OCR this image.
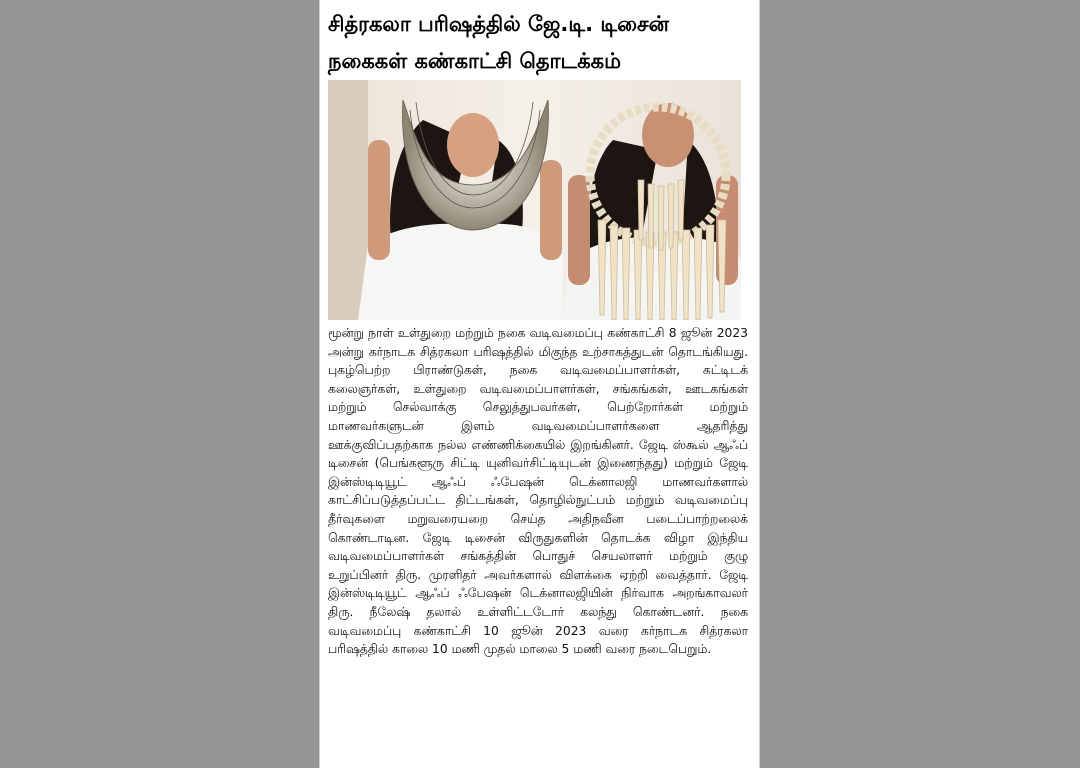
சித்ரகலா பரிஷத்தில் ஜே.டி. டிசைன்
நகைகள் கண்காட்சி தொடக்கம்

மூன்று நாள் உள்துறை மற்றும் நகை வடிவமைப்பு கண்காட்சி 8 ஜூன் 2023 அன்று கர்நாடக சித்ரகலா பரிஷத்தில் மிகுந்த உற்சாகத்துடன் தொடங்கியது. புகழ்பெற்ற பிராண்டுகள், நகை வடிவமைப்பாளர்கள், கட்டிடக் கலைஞர்கள், உள்துறை வடிவமைப்பாளர்கள், சங்கங்கள், ஊடகங்கள் மற்றும் செல்வாக்கு செலுத்துபவர்கள், பெற்றோர்கள் மற்றும் மாணவர்களுடன் இளம் வடிவமைப்பாளர்களை ஆதரித்து ஊக்குவிப்பதற்காக நல்ல எண்ணிக்கையில் இறங்கினர். ஜேடி ஸ்கூல் ஆஃப் டிசைன் (பெங்களூரு சிட்டி யுனிவர்சிட்டியுடன் இணைந்தது) மற்றும் ஜேடி இன்ஸ்டிடியூட் ஆஃப் ஃபேஷன் டெக்னாலஜி மாணவர்களால் காட்சிப்படுத்தப்பட்ட திட்டங்கள், தொழில்நுட்பம் மற்றும் வடிவமைப்பு தீர்வுகளை மறுவரையறை செய்த அதிநவீன படைப்பாற்றலைக் கொண்டாடின. ஜேடி டிசைன் விருதுகளின் தொடக்க விழா இந்திய வடிவமைப்பாளர்கள் சங்கத்தின் பொதுச் செயலாளர் மற்றும் குழு உறுப்பினர் திரு. முரளிதர் அவர்களால் விளக்கை ஏற்றி வைத்தார். ஜேடி இன்ஸ்டிடியூட் ஆஃப் ஃபேஷன் டெக்னாலஜியின் நிர்வாக அறங்காவலர் திரு. நீலேஷ் தலால் உள்ளிட்டடோர் கலந்து கொண்டனர். நகை வடிவமைப்பு கண்காட்சி 10 ஜூன் 2023 வரை கர்நாடக சித்ரகலா பரிஷத்தில் காலை 10 மணி முதல் மாலை 5 மணி வரை நடைபெறும்.
